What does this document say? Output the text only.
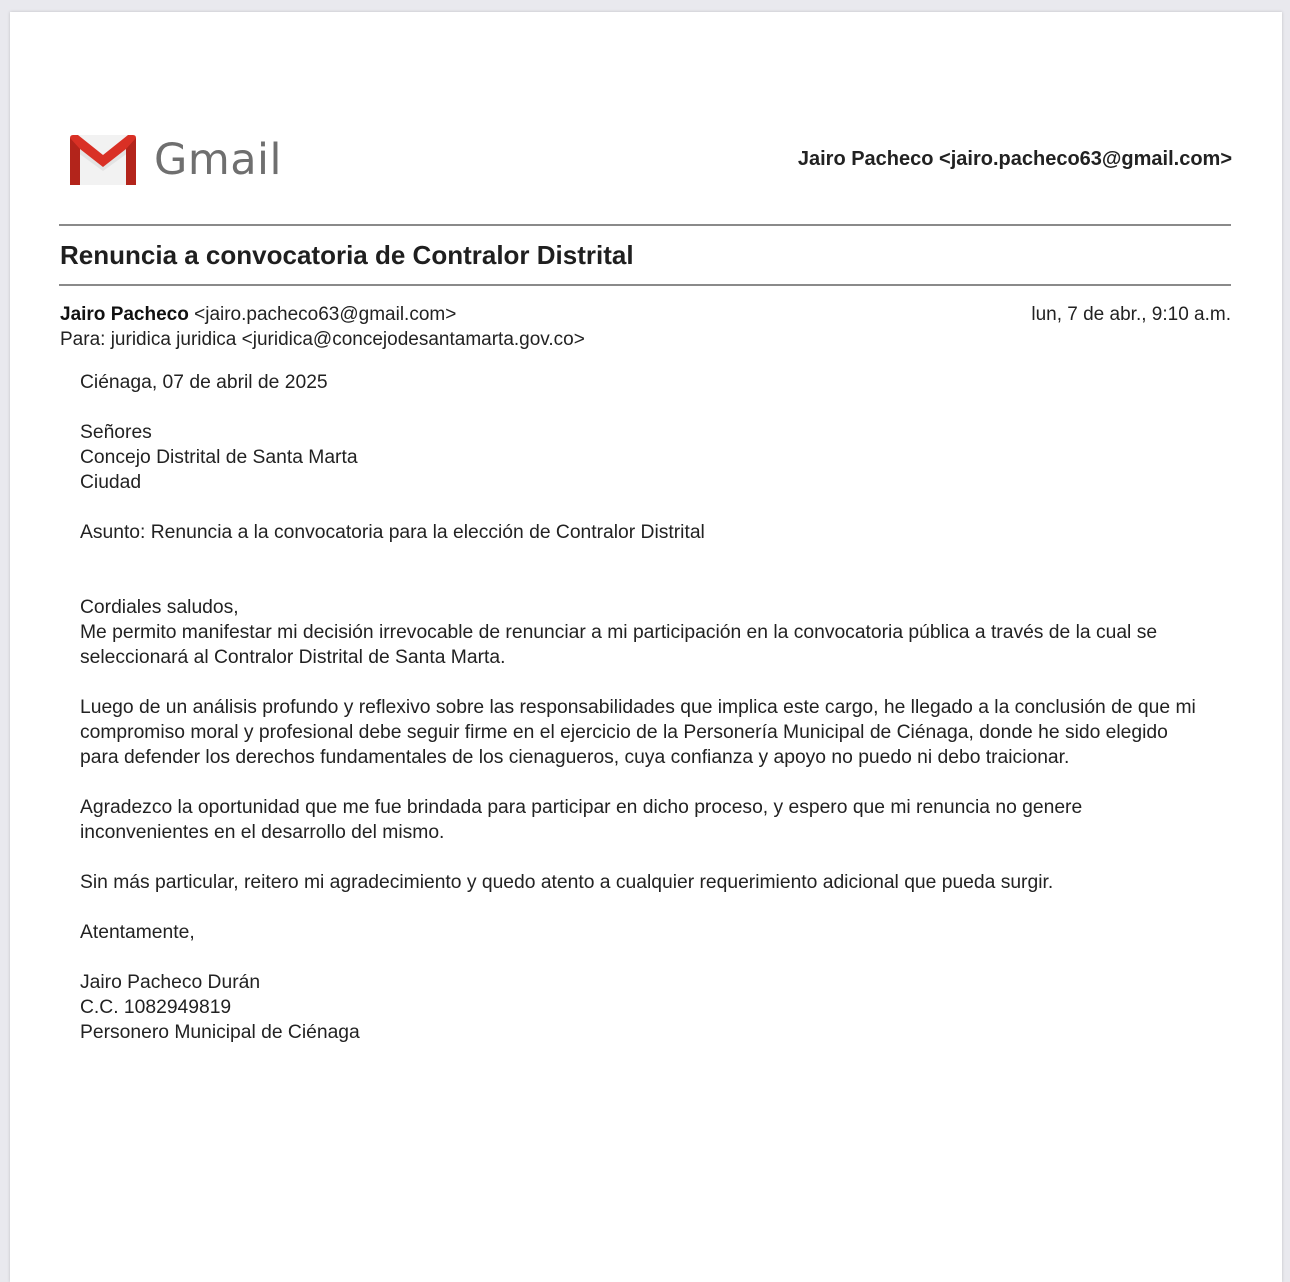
Gmail	Jairo Pacheco <jairo.pacheco63@gmail.com>
Renuncia a convocatoria de Contralor Distrital
Jairo Pacheco <jairo.pacheco63@gmail.com>	lun, 7 de abr., 9:10 a.m.
Para: juridica juridica <juridica@concejodesantamarta.gov.co>

Ciénaga, 07 de abril de 2025

Señores

Concejo Distrital de Santa Marta

Ciudad

Asunto: Renuncia a la convocatoria para la elección de Contralor Distrital

Cordiales saludos,

Me permito manifestar mi decisión irrevocable de renunciar a mi participación en la convocatoria pública a través de la cual se seleccionará al Contralor Distrital de Santa Marta.

Luego de un análisis profundo y reflexivo sobre las responsabilidades que implica este cargo, he llegado a la conclusión de que mi compromiso moral y profesional debe seguir firme en el ejercicio de la Personería Municipal de Ciénaga, donde he sido elegido para defender los derechos fundamentales de los cienagueros, cuya confianza y apoyo no puedo ni debo traicionar.

Agradezco la oportunidad que me fue brindada para participar en dicho proceso, y espero que mi renuncia no genere inconvenientes en el desarrollo del mismo.

Sin más particular, reitero mi agradecimiento y quedo atento a cualquier requerimiento adicional que pueda surgir.

Atentamente,

Jairo Pacheco Durán

C.C. 1082949819

Personero Municipal de Ciénaga
